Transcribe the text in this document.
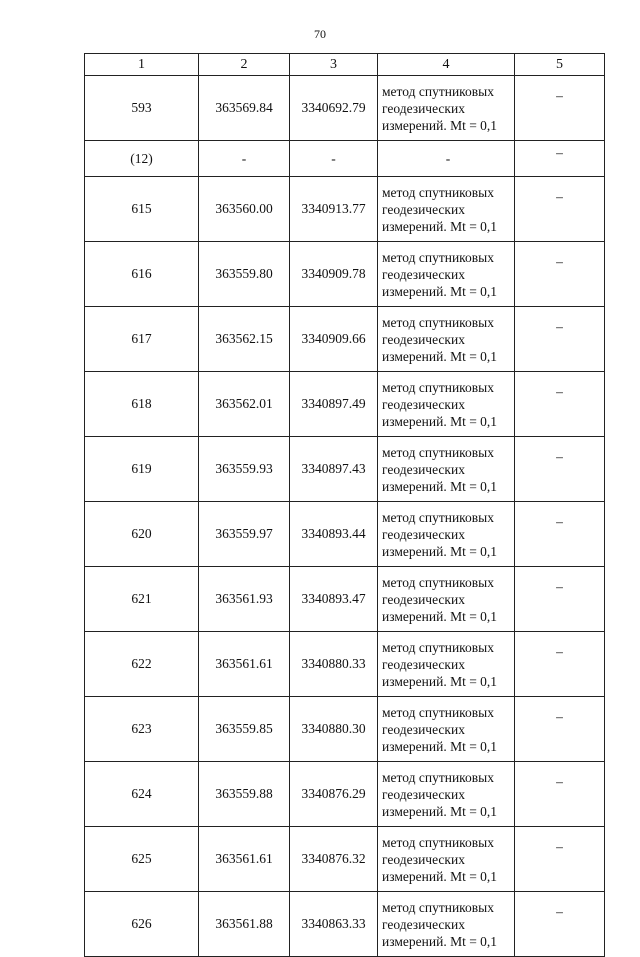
70
1	2	3	4	5
593	363569.84	3340692.79	метод спутниковых
геодезических
измерений. Mt = 0,1	–
(12)	-	-	-	–
615	363560.00	3340913.77	метод спутниковых
геодезических
измерений. Mt = 0,1	–
616	363559.80	3340909.78	метод спутниковых
геодезических
измерений. Mt = 0,1	–
617	363562.15	3340909.66	метод спутниковых
геодезических
измерений. Mt = 0,1	–
618	363562.01	3340897.49	метод спутниковых
геодезических
измерений. Mt = 0,1	–
619	363559.93	3340897.43	метод спутниковых
геодезических
измерений. Mt = 0,1	–
620	363559.97	3340893.44	метод спутниковых
геодезических
измерений. Mt = 0,1	–
621	363561.93	3340893.47	метод спутниковых
геодезических
измерений. Mt = 0,1	–
622	363561.61	3340880.33	метод спутниковых
геодезических
измерений. Mt = 0,1	–
623	363559.85	3340880.30	метод спутниковых
геодезических
измерений. Mt = 0,1	–
624	363559.88	3340876.29	метод спутниковых
геодезических
измерений. Mt = 0,1	–
625	363561.61	3340876.32	метод спутниковых
геодезических
измерений. Mt = 0,1	–
626	363561.88	3340863.33	метод спутниковых
геодезических
измерений. Mt = 0,1	–
